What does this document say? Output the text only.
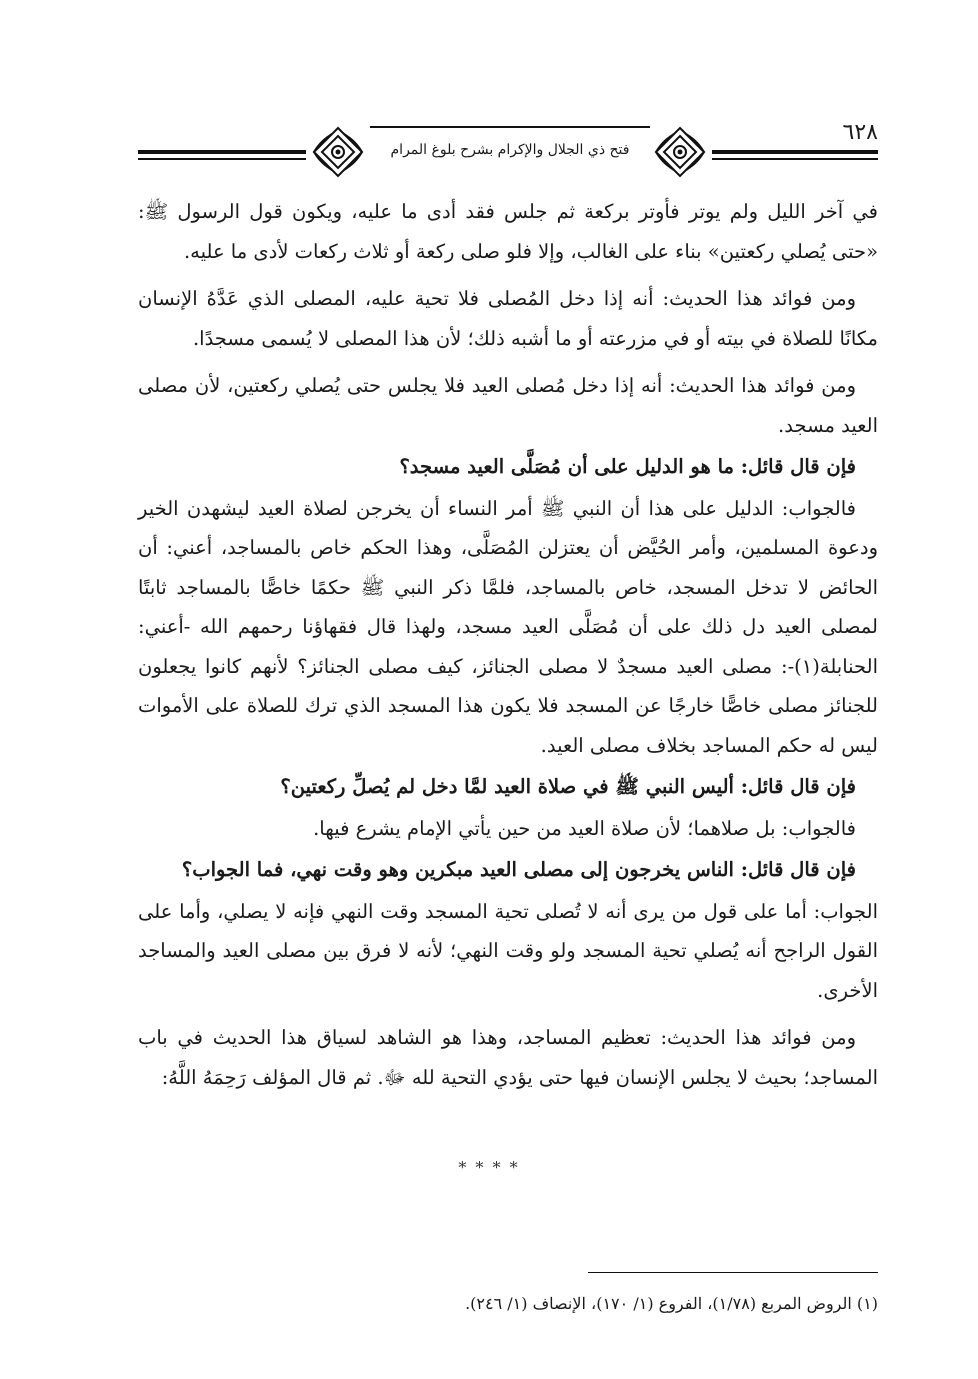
فتح ذي الجلال والإكرام بشرح بلوغ المرام
٦٢٨

في آخر الليل ولم يوتر فأوتر بركعة ثم جلس فقد أدى ما عليه، ويكون قول الرسول ﷺ: «حتى يُصلي ركعتين» بناء على الغالب، وإلا فلو صلى ركعة أو ثلاث ركعات لأدى ما عليه.

ومن فوائد هذا الحديث: أنه إذا دخل المُصلى فلا تحية عليه، المصلى الذي عَدَّهُ الإنسان مكانًا للصلاة في بيته أو في مزرعته أو ما أشبه ذلك؛ لأن هذا المصلى لا يُسمى مسجدًا.

ومن فوائد هذا الحديث: أنه إذا دخل مُصلى العيد فلا يجلس حتى يُصلي ركعتين، لأن مصلى العيد مسجد.

فإن قال قائل: ما هو الدليل على أن مُصَلَّى العيد مسجد؟

فالجواب: الدليل على هذا أن النبي ﷺ أمر النساء أن يخرجن لصلاة العيد ليشهدن الخير ودعوة المسلمين، وأمر الحُيَّض أن يعتزلن المُصَلَّى، وهذا الحكم خاص بالمساجد، أعني: أن الحائض لا تدخل المسجد، خاص بالمساجد، فلمَّا ذكر النبي ﷺ حكمًا خاصًّا بالمساجد ثابتًا لمصلى العيد دل ذلك على أن مُصَلَّى العيد مسجد، ولهذا قال فقهاؤنا رحمهم الله -أعني: الحنابلة(١)-: مصلى العيد مسجدٌ لا مصلى الجنائز، كيف مصلى الجنائز؟ لأنهم كانوا يجعلون للجنائز مصلى خاصًّا خارجًا عن المسجد فلا يكون هذا المسجد الذي ترك للصلاة على الأموات ليس له حكم المساجد بخلاف مصلى العيد.

فإن قال قائل: أليس النبي ﷺ في صلاة العيد لمَّا دخل لم يُصلِّ ركعتين؟

فالجواب: بل صلاهما؛ لأن صلاة العيد من حين يأتي الإمام يشرع فيها.

فإن قال قائل: الناس يخرجون إلى مصلى العيد مبكرين وهو وقت نهي، فما الجواب؟

الجواب: أما على قول من يرى أنه لا تُصلى تحية المسجد وقت النهي فإنه لا يصلي، وأما على القول الراجح أنه يُصلي تحية المسجد ولو وقت النهي؛ لأنه لا فرق بين مصلى العيد والمساجد الأخرى.

ومن فوائد هذا الحديث: تعظيم المساجد، وهذا هو الشاهد لسياق هذا الحديث في باب المساجد؛ بحيث لا يجلس الإنسان فيها حتى يؤدي التحية لله ﷻ. ثم قال المؤلف رَحِمَهُ اللَّهُ:

* * * *
(١) الروض المربع (١/٧٨)، الفروع (١/ ١٧٠)، الإنصاف (١/ ٢٤٦).
